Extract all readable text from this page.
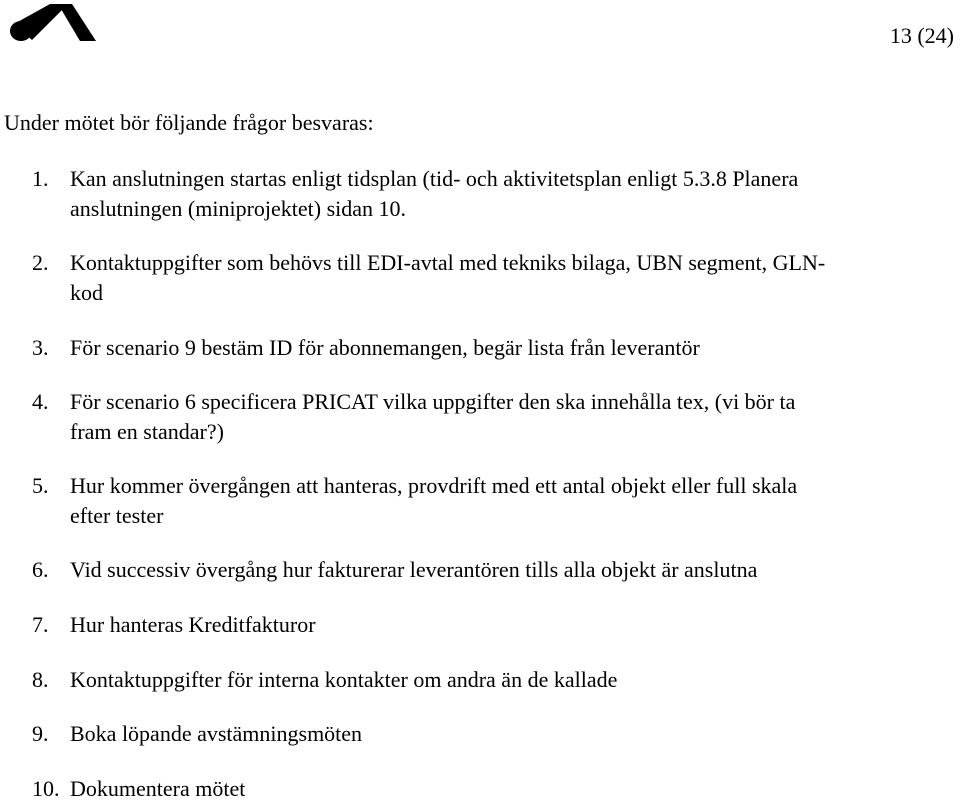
13 (24)

Under mötet bör följande frågor besvaras:

1. Kan anslutningen startas enligt tidsplan (tid- och aktivitetsplan enligt 5.3.8 Planera
anslutningen (miniprojektet) sidan 10.
2. Kontaktuppgifter som behövs till EDI-avtal med tekniks bilaga, UBN segment, GLN-
kod
3. För scenario 9 bestäm ID för abonnemangen, begär lista från leverantör
4. För scenario 6 specificera PRICAT vilka uppgifter den ska innehålla tex, (vi bör ta
fram en standar?)
5. Hur kommer övergången att hanteras, provdrift med ett antal objekt eller full skala
efter tester
6. Vid successiv övergång hur fakturerar leverantören tills alla objekt är anslutna
7. Hur hanteras Kreditfakturor
8. Kontaktuppgifter för interna kontakter om andra än de kallade
9. Boka löpande avstämningsmöten
10. Dokumentera mötet
